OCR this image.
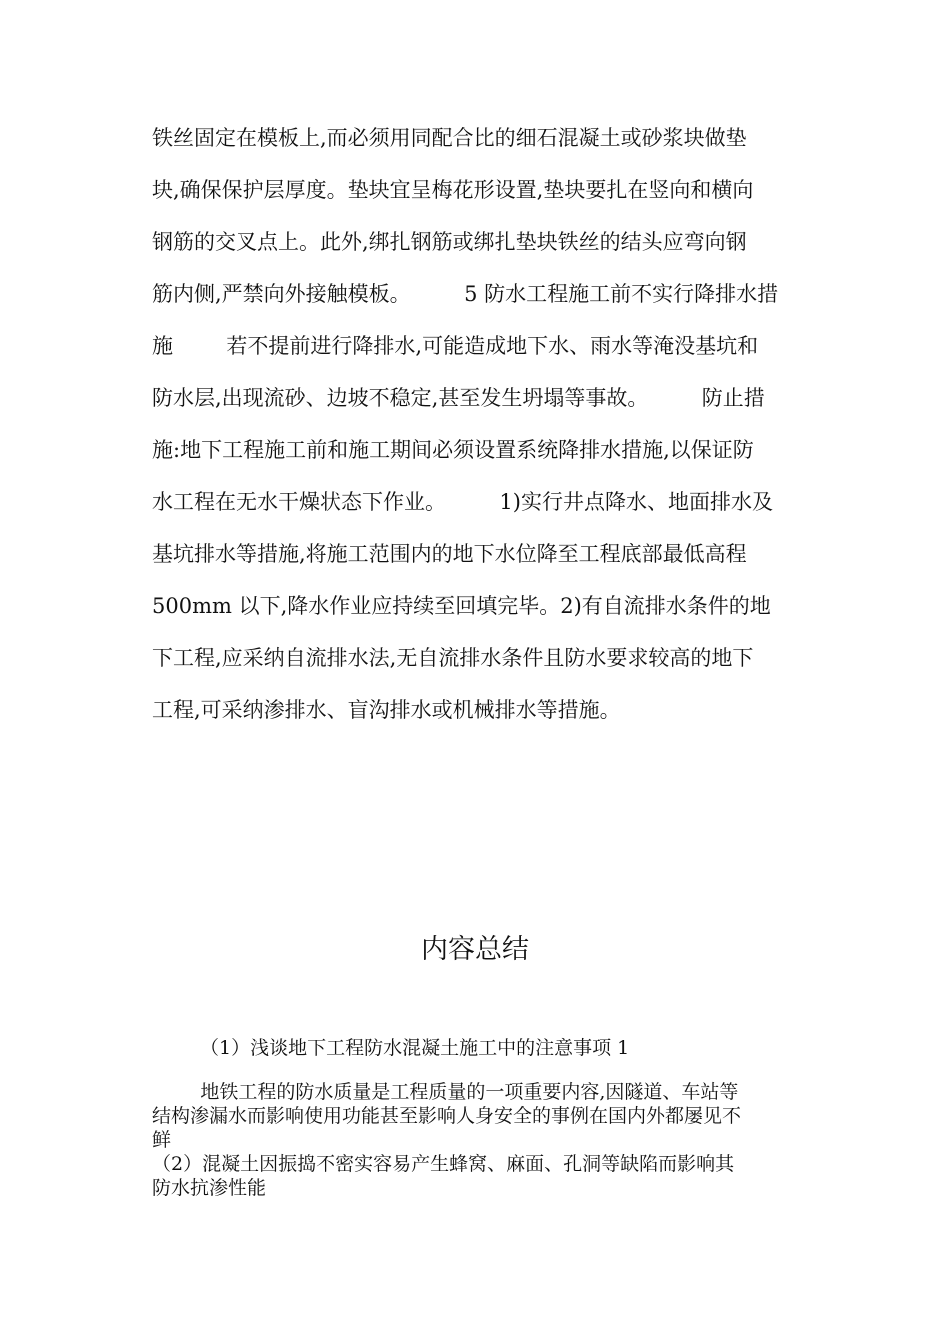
铁丝固定在模板上,而必须用同配合比的细石混凝土或砂浆块做垫
块,确保保护层厚度。垫块宜呈梅花形设置,垫块要扎在竖向和横向
钢筋的交叉点上。此外,绑扎钢筋或绑扎垫块铁丝的结头应弯向钢
筋内侧,严禁向外接触模板。        5 防水工程施工前不实行降排水措
施        若不提前进行降排水,可能造成地下水、雨水等淹没基坑和
防水层,出现流砂、边坡不稳定,甚至发生坍塌等事故。        防止措
施:地下工程施工前和施工期间必须设置系统降排水措施,以保证防
水工程在无水干燥状态下作业。        1)实行井点降水、地面排水及
基坑排水等措施,将施工范围内的地下水位降至工程底部最低高程
500mm 以下,降水作业应持续至回填完毕。2)有自流排水条件的地
下工程,应采纳自流排水法,无自流排水条件且防水要求较高的地下
工程,可采纳渗排水、盲沟排水或机械排水等措施。
内容总结
（1）浅谈地下工程防水混凝土施工中的注意事项 1
地铁工程的防水质量是工程质量的一项重要内容,因隧道、车站等
结构渗漏水而影响使用功能甚至影响人身安全的事例在国内外都屡见不
鲜
（2）混凝土因振捣不密实容易产生蜂窝、麻面、孔洞等缺陷而影响其
防水抗渗性能
